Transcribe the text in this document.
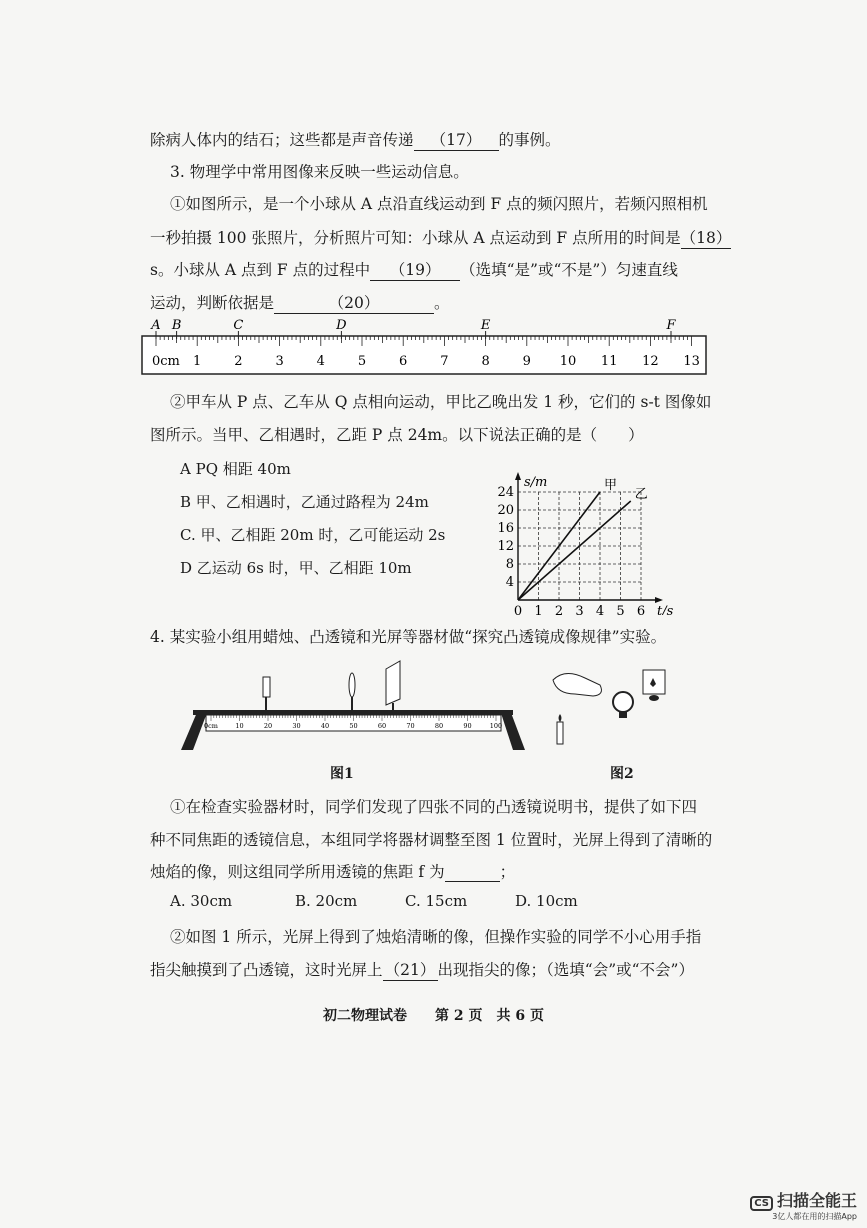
除病人体内的结石；这些都是声音传递 （17） 的事例。
3. 物理学中常用图像来反映一些运动信息。
①如图所示，是一个小球从 A 点沿直线运动到 F 点的频闪照片，若频闪照相机
一秒拍摄 100 张照片，分析照片可知：小球从 A 点运动到 F 点所用的时间是（18）
s。小球从 A 点到 F 点的过程中 （19） （选填“是”或“不是”）匀速直线
运动，判断依据是	（20）	。
0cm 1	2	3	4	5	6	7	8	9 10 11 12 13
A B	C	D	E	F
②甲车从 P 点、乙车从 Q 点相向运动，甲比乙晚出发 1 秒，它们的 s-t 图像如
图所示。当甲、乙相遇时，乙距 P 点 24m。以下说法正确的是（　　）
A PQ 相距 40m
B 甲、乙相遇时，乙通过路程为 24m
C. 甲、乙相距 20m 时，乙可能运动 2s
D 乙运动 6s 时，甲、乙相距 10m
0 1 2 3 4 5 6
4
8
12
16
20
24
t/s
s/m	甲
乙
4. 某实验小组用蜡烛、凸透镜和光屏等器材做“探究凸透镜成像规律”实验。
0cm	10	20	30	40	50	60	70	80	90	100
图1	图2
①在检查实验器材时，同学们发现了四张不同的凸透镜说明书，提供了如下四
种不同焦距的透镜信息，本组同学将器材调整至图 1 位置时，光屏上得到了清晰的
烛焰的像，则这组同学所用透镜的焦距 f 为	；
A. 30cm	B. 20cm	C. 15cm	D. 10cm
②如图 1 所示，光屏上得到了烛焰清晰的像，但操作实验的同学不小心用手指
指尖触摸到了凸透镜，这时光屏上 （21） 出现指尖的像；（选填“会”或“不会”）
初二物理试卷　　第 2 页　共 6 页
CS 扫描全能王
3亿人都在用的扫描App
